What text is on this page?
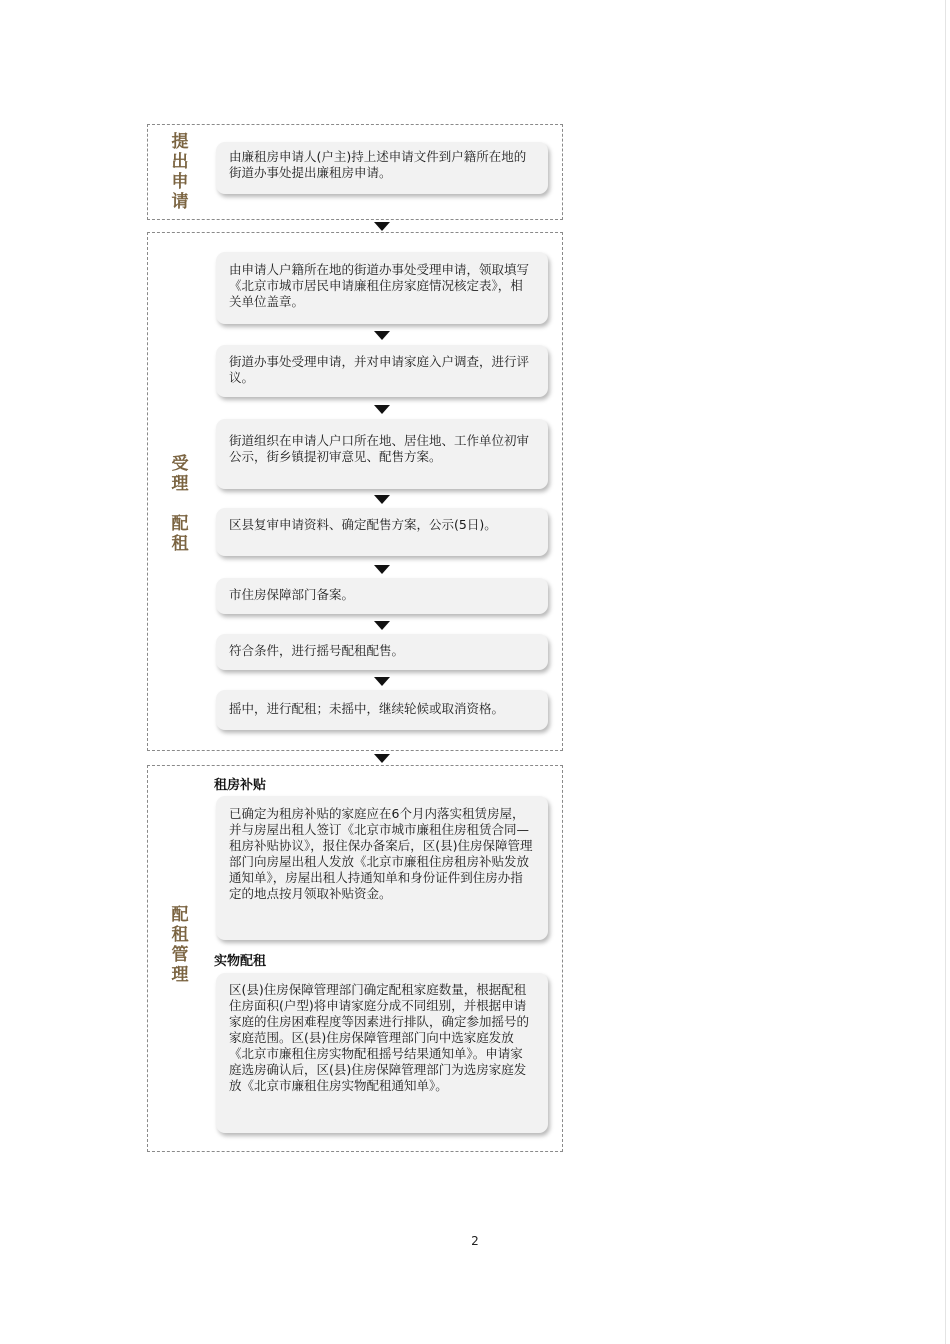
提
出
申
请
受
理

配
租
配
租
管
理
由廉租房申请人(户主)持上述申请文件到户籍所在地的街道办事处提出廉租房申请。
由申请人户籍所在地的街道办事处受理申请，领取填写《北京市城市居民申请廉租住房家庭情况核定表》，相关单位盖章。
街道办事处受理申请，并对申请家庭入户调查，进行评议。
街道组织在申请人户口所在地、居住地、工作单位初审公示，街乡镇提初审意见、配售方案。
区县复审申请资料、确定配售方案，公示(5日)。
市住房保障部门备案。
符合条件，进行摇号配租配售。
摇中，进行配租；未摇中，继续轮候或取消资格。
租房补贴
已确定为租房补贴的家庭应在6个月内落实租赁房屋，并与房屋出租人签订《北京市城市廉租住房租赁合同—租房补贴协议》，报住保办备案后，区(县)住房保障管理部门向房屋出租人发放《北京市廉租住房租房补贴发放通知单》，房屋出租人持通知单和身份证件到住房办指定的地点按月领取补贴资金。
实物配租
区(县)住房保障管理部门确定配租家庭数量，根据配租住房面积(户型)将申请家庭分成不同组别，并根据申请家庭的住房困难程度等因素进行排队，确定参加摇号的家庭范围。区(县)住房保障管理部门向中选家庭发放《北京市廉租住房实物配租摇号结果通知单》。申请家庭选房确认后，区(县)住房保障管理部门为选房家庭发放《北京市廉租住房实物配租通知单》。
2
